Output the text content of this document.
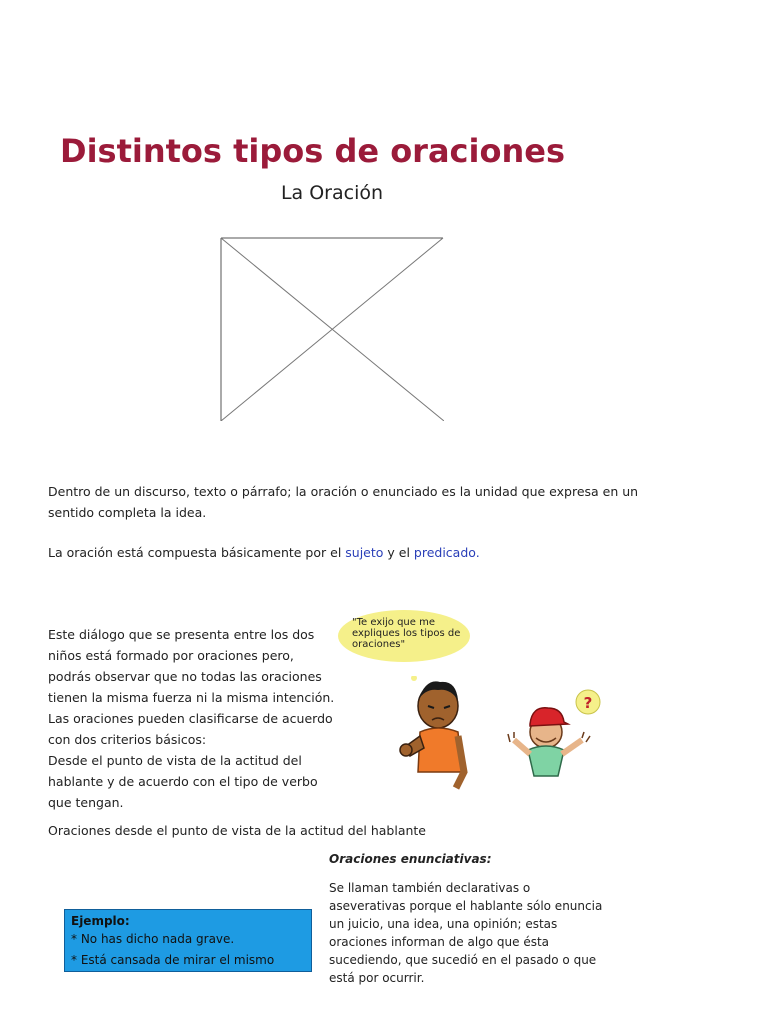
Distintos tipos de oraciones
La Oración
Dentro de un discurso, texto o párrafo; la oración o enunciado es la unidad que expresa en un sentido completa la idea.
La oración está compuesta básicamente por el sujeto y el predicado.
Este diálogo que se presenta entre los dos niños está formado por oraciones pero, podrás observar que no todas las oraciones tienen la misma fuerza ni la misma intención. Las oraciones pueden clasificarse de acuerdo con dos criterios básicos:
Desde el punto de vista de la actitud del hablante y de acuerdo con el tipo de verbo que tengan.
"Te exijo que me expliques los tipos de oraciones"
?
Oraciones desde el punto de vista de la actitud del hablante
Oraciones enunciativas:
Se llaman también declarativas o aseverativas porque el hablante sólo enuncia un juicio, una idea, una opinión; estas oraciones informan de algo que ésta sucediendo, que sucedió en el pasado o que está por ocurrir.
Ejemplo:
* No has dicho nada grave.
* Está cansada de mirar el mismo
